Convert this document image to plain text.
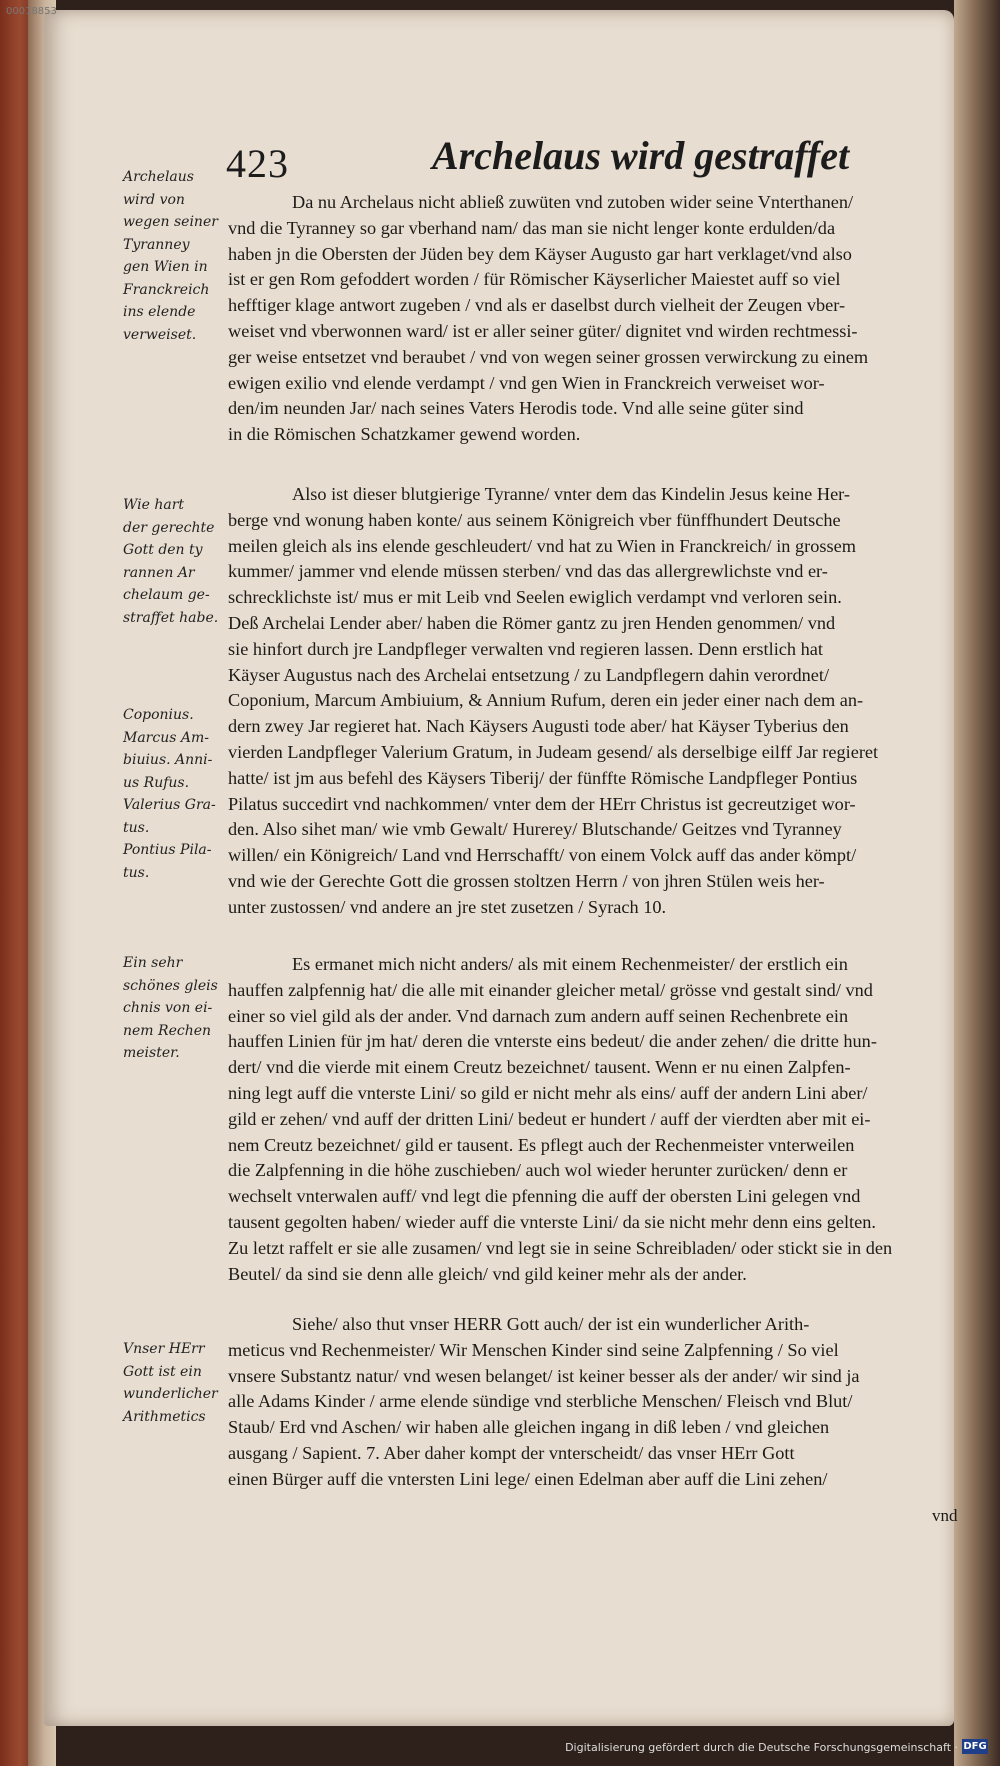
00018853
423	Archelaus wird gestraffet
Archelaus
wird von
wegen seiner
Tyranney
gen Wien in
Franckreich
ins elende
verweiset.
Wie hart
der gerechte
Gott den ty
rannen Ar
chelaum ge-
straffet habe.
Coponius.
Marcus Am-
biuius. Anni-
us Rufus.
Valerius Gra-
tus.
Pontius Pila-
tus.
Ein sehr
schönes gleis
chnis von ei-
nem Rechen
meister.
Vnser HErr
Gott ist ein
wunderlicher
Arithmetics
Da nu Archelaus nicht abließ zuwüten vnd zutoben wider seine Vnterthanen/
vnd die Tyranney so gar vberhand nam/ das man sie nicht lenger konte erdulden/da
haben jn die Obersten der Jüden bey dem Käyser Augusto gar hart verklaget/vnd also
ist er gen Rom gefoddert worden / für Römischer Käyserlicher Maiestet auff so viel
hefftiger klage antwort zugeben / vnd als er daselbst durch vielheit der Zeugen vber-
weiset vnd vberwonnen ward/ ist er aller seiner güter/ dignitet vnd wirden rechtmessi-
ger weise entsetzet vnd beraubet / vnd von wegen seiner grossen verwirckung zu einem
ewigen exilio vnd elende verdampt / vnd gen Wien in Franckreich verweiset wor-
den/im neunden Jar/ nach seines Vaters Herodis tode. Vnd alle seine güter sind
in die Römischen Schatzkamer gewend worden.
Also ist dieser blutgierige Tyranne/ vnter dem das Kindelin Jesus keine Her-
berge vnd wonung haben konte/ aus seinem Königreich vber fünffhundert Deutsche
meilen gleich als ins elende geschleudert/ vnd hat zu Wien in Franckreich/ in grossem
kummer/ jammer vnd elende müssen sterben/ vnd das das allergrewlichste vnd er-
schrecklichste ist/ mus er mit Leib vnd Seelen ewiglich verdampt vnd verloren sein.
Deß Archelai Lender aber/ haben die Römer gantz zu jren Henden genommen/ vnd
sie hinfort durch jre Landpfleger verwalten vnd regieren lassen. Denn erstlich hat
Käyser Augustus nach des Archelai entsetzung / zu Landpflegern dahin verordnet/
Coponium, Marcum Ambiuium, & Annium Rufum, deren ein jeder einer nach dem an-
dern zwey Jar regieret hat. Nach Käysers Augusti tode aber/ hat Käyser Tyberius den
vierden Landpfleger Valerium Gratum, in Judeam gesend/ als derselbige eilff Jar regieret
hatte/ ist jm aus befehl des Käysers Tiberij/ der fünffte Römische Landpfleger Pontius
Pilatus succedirt vnd nachkommen/ vnter dem der HErr Christus ist gecreutziget wor-
den. Also sihet man/ wie vmb Gewalt/ Hurerey/ Blutschande/ Geitzes vnd Tyranney
willen/ ein Königreich/ Land vnd Herrschafft/ von einem Volck auff das ander kömpt/
vnd wie der Gerechte Gott die grossen stoltzen Herrn / von jhren Stülen weis her-
unter zustossen/ vnd andere an jre stet zusetzen / Syrach 10.
Es ermanet mich nicht anders/ als mit einem Rechenmeister/ der erstlich ein
hauffen zalpfennig hat/ die alle mit einander gleicher metal/ grösse vnd gestalt sind/ vnd
einer so viel gild als der ander. Vnd darnach zum andern auff seinen Rechenbrete ein
hauffen Linien für jm hat/ deren die vnterste eins bedeut/ die ander zehen/ die dritte hun-
dert/ vnd die vierde mit einem Creutz bezeichnet/ tausent. Wenn er nu einen Zalpfen-
ning legt auff die vnterste Lini/ so gild er nicht mehr als eins/ auff der andern Lini aber/
gild er zehen/ vnd auff der dritten Lini/ bedeut er hundert / auff der vierdten aber mit ei-
nem Creutz bezeichnet/ gild er tausent. Es pflegt auch der Rechenmeister vnterweilen
die Zalpfenning in die höhe zuschieben/ auch wol wieder herunter zurücken/ denn er
wechselt vnterwalen auff/ vnd legt die pfenning die auff der obersten Lini gelegen vnd
tausent gegolten haben/ wieder auff die vnterste Lini/ da sie nicht mehr denn eins gelten.
Zu letzt raffelt er sie alle zusamen/ vnd legt sie in seine Schreibladen/ oder stickt sie in den
Beutel/ da sind sie denn alle gleich/ vnd gild keiner mehr als der ander.
Siehe/ also thut vnser HERR Gott auch/ der ist ein wunderlicher Arith-
meticus vnd Rechenmeister/ Wir Menschen Kinder sind seine Zalpfenning / So viel
vnsere Substantz natur/ vnd wesen belanget/ ist keiner besser als der ander/ wir sind ja
alle Adams Kinder / arme elende sündige vnd sterbliche Menschen/ Fleisch vnd Blut/
Staub/ Erd vnd Aschen/ wir haben alle gleichen ingang in diß leben / vnd gleichen
ausgang / Sapient. 7. Aber daher kompt der vnterscheidt/ das vnser HErr Gott
einen Bürger auff die vntersten Lini lege/ einen Edelman aber auff die Lini zehen/
vnd
Digitalisierung gefördert durch die Deutsche Forschungsgemeinschaft · DFG
